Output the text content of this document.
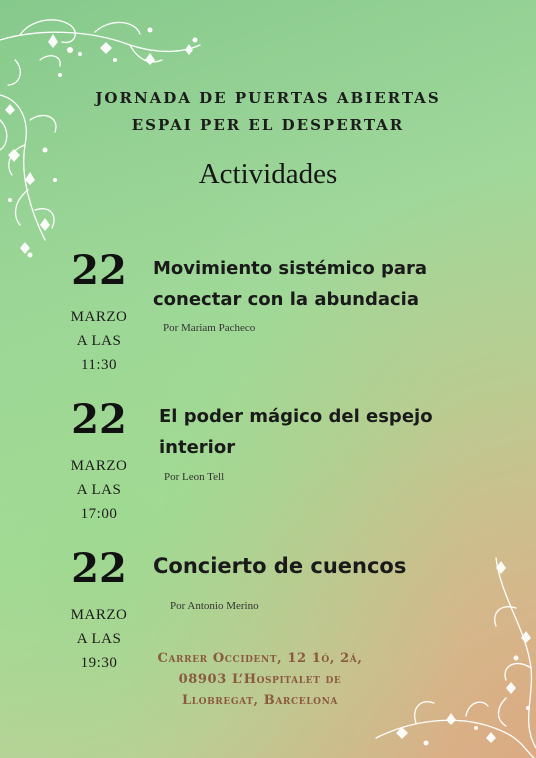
JORNADA DE PUERTAS ABIERTAS
ESPAI PER EL DESPERTAR
Actividades
22
MARZO
A LAS
11:30
Movimiento sistémico para
conectar con la abundacia
Por Mariam Pacheco
22
MARZO
A LAS
17:00
El poder mágico del espejo
interior
Por Leon Tell
22
MARZO
A LAS
19:30
Concierto de cuencos
Por Antonio Merino
Carrer Occident, 12 1ó, 2á,
08903 L‘Hospitalet de
Llobregat, Barcelona
